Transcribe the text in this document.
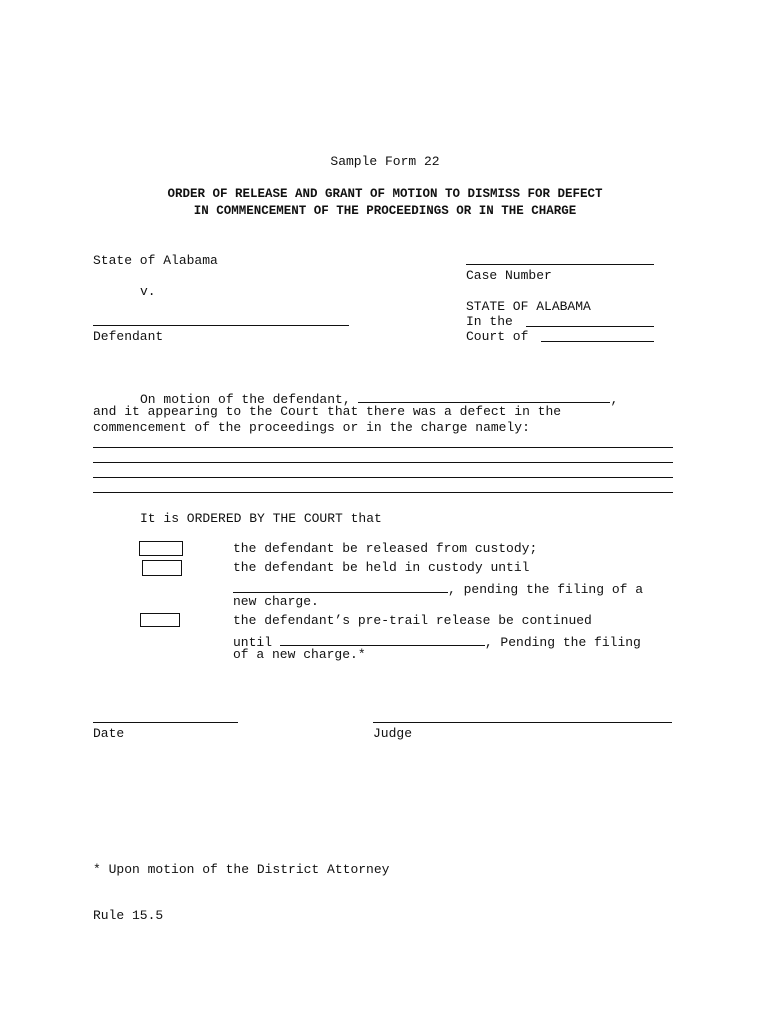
Sample Form 22
ORDER OF RELEASE AND GRANT OF MOTION TO DISMISS FOR DEFECT
IN COMMENCEMENT OF THE PROCEEDINGS OR IN THE CHARGE
State of Alabama
v.
Defendant
Case Number
STATE OF ALABAMA
In the
Court of
On motion of the defendant,	,
and it appearing to the Court that there was a defect in the
commencement of the proceedings or in the charge namely:
It is ORDERED BY THE COURT that
the defendant be released from custody;
the defendant be held in custody until
, pending the filing of a
new charge.
the defendant’s pre-trail release be continued
until	, Pending the filing
of a new charge.*
Date	Judge
* Upon motion of the District Attorney
Rule 15.5
